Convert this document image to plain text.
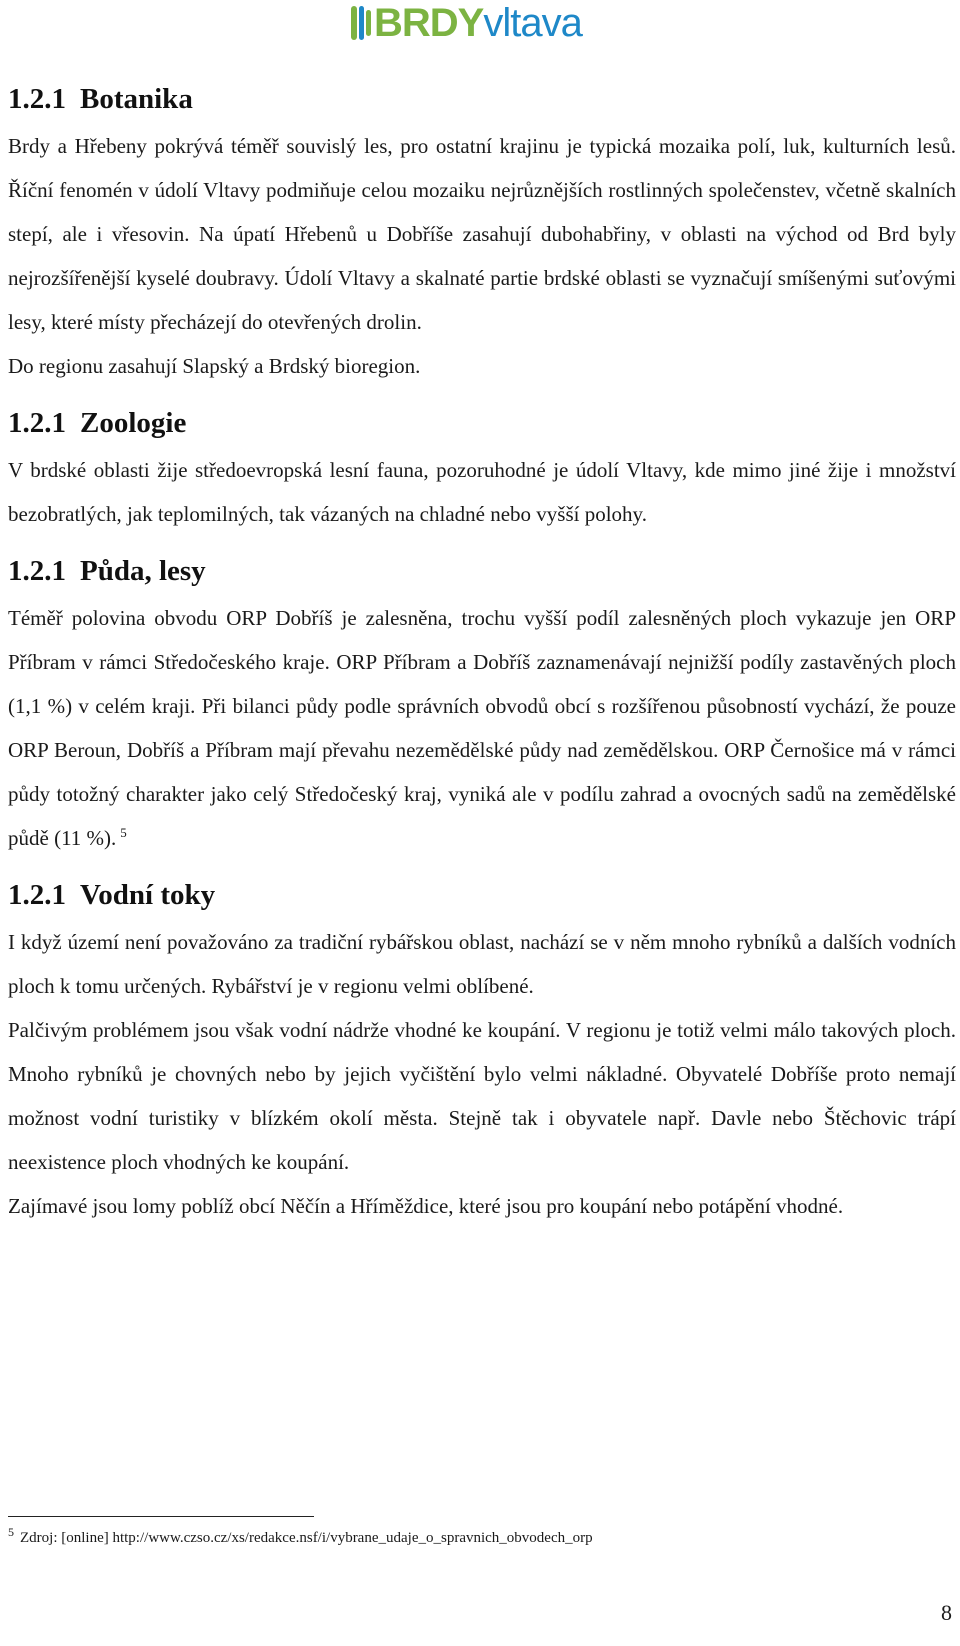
BRDY vltava
1.2.1 Botanika

Brdy a Hřebeny pokrývá téměř souvislý les, pro ostatní krajinu je typická mozaika polí, luk, kulturních lesů. Říční fenomén v údolí Vltavy podmiňuje celou mozaiku nejrůznějších rostlinných společenstev, včetně skalních stepí, ale i vřesovin. Na úpatí Hřebenů u Dobříše zasahují dubohabřiny, v oblasti na východ od Brd byly nejrozšířenější kyselé doubravy. Údolí Vltavy a skalnaté partie brdské oblasti se vyznačují smíšenými suťovými lesy, které místy přecházejí do otevřených drolin.

Do regionu zasahují Slapský a Brdský bioregion.

1.2.1 Zoologie

V brdské oblasti žije středoevropská lesní fauna, pozoruhodné je údolí Vltavy, kde mimo jiné žije i množství bezobratlých, jak teplomilných, tak vázaných na chladné nebo vyšší polohy.

1.2.1 Půda, lesy

Téměř polovina obvodu ORP Dobříš je zalesněna, trochu vyšší podíl zalesněných ploch vykazuje jen ORP Příbram v rámci Středočeského kraje. ORP Příbram a Dobříš zaznamenávají nejnižší podíly zastavěných ploch (1,1 %) v celém kraji. Při bilanci půdy podle správních obvodů obcí s rozšířenou působností vychází, že pouze ORP Beroun, Dobříš a Příbram mají převahu nezemědělské půdy nad zemědělskou. ORP Černošice má v rámci půdy totožný charakter jako celý Středočeský kraj, vyniká ale v podílu zahrad a ovocných sadů na zemědělské půdě (11 %). $^5$

1.2.1 Vodní toky

I když území není považováno za tradiční rybářskou oblast, nachází se v něm mnoho rybníků a dalších vodních ploch k tomu určených. Rybářství je v regionu velmi oblíbené.

Palčivým problémem jsou však vodní nádrže vhodné ke koupání. V regionu je totiž velmi málo takových ploch. Mnoho rybníků je chovných nebo by jejich vyčištění bylo velmi nákladné. Obyvatelé Dobříše proto nemají možnost vodní turistiky v blízkém okolí města. Stejně tak i obyvatele např. Davle nebo Štěchovic trápí neexistence ploch vhodných ke koupání.

Zajímavé jsou lomy poblíž obcí Něčín a Hříměždice, které jsou pro koupání nebo potápění vhodné.

$^5$ Zdroj: [online] http://www.czso.cz/xs/redakce.nsf/i/vybrane_udaje_o_spravnich_obvodech_orp
8
